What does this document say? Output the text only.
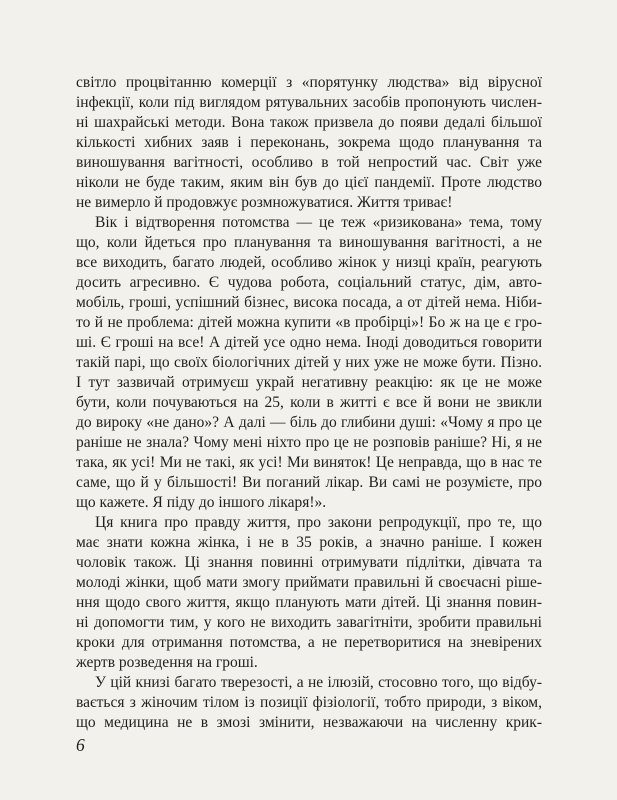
світло процвітанню комерції з «порятунку людства» від вірусної
інфекції, коли під виглядом рятувальних засобів пропонують числен-
ні шахрайські методи. Вона також призвела до появи дедалі більшої
кількості хибних заяв і переконань, зокрема щодо планування та
виношування вагітності, особливо в той непростий час. Світ уже
ніколи не буде таким, яким він був до цієї пандемії. Проте людство
не вимерло й продовжує розмножуватися. Життя триває!
Вік і відтворення потомства — це теж «ризикована» тема, тому
що, коли йдеться про планування та виношування вагітності, а не
все виходить, багато людей, особливо жінок у низці країн, реагують
досить агресивно. Є чудова робота, соціальний статус, дім, авто-
мобіль, гроші, успішний бізнес, висока посада, а от дітей нема. Ніби-
то й не проблема: дітей можна купити «в пробірці»! Бо ж на це є гро-
ші. Є гроші на все! А дітей усе одно нема. Іноді доводиться говорити
такій парі, що своїх біологічних дітей у них уже не може бути. Пізно.
І тут зазвичай отримуєш украй негативну реакцію: як це не може
бути, коли почуваються на 25, коли в житті є все й вони не звикли
до вироку «не дано»? А далі — біль до глибини душі: «Чому я про це
раніше не знала? Чому мені ніхто про це не розповів раніше? Ні, я не
така, як усі! Ми не такі, як усі! Ми виняток! Це неправда, що в нас те
саме, що й у більшості! Ви поганий лікар. Ви самі не розумієте, про
що кажете. Я піду до іншого лікаря!».
Ця книга про правду життя, про закони репродукції, про те, що
має знати кожна жінка, і не в 35 років, а значно раніше. І кожен
чоловік також. Ці знання повинні отримувати підлітки, дівчата та
молоді жінки, щоб мати змогу приймати правильні й своєчасні ріше-
ння щодо свого життя, якщо планують мати дітей. Ці знання повин-
ні допомогти тим, у кого не виходить завагітніти, зробити правильні
кроки для отримання потомства, а не перетворитися на зневірених
жертв розведення на гроші.
У цій книзі багато тверезості, а не ілюзій, стосовно того, що відбу-
вається з жіночим тілом із позиції фізіології, тобто природи, з віком,
що медицина не в змозі змінити, незважаючи на численну крик-
6
